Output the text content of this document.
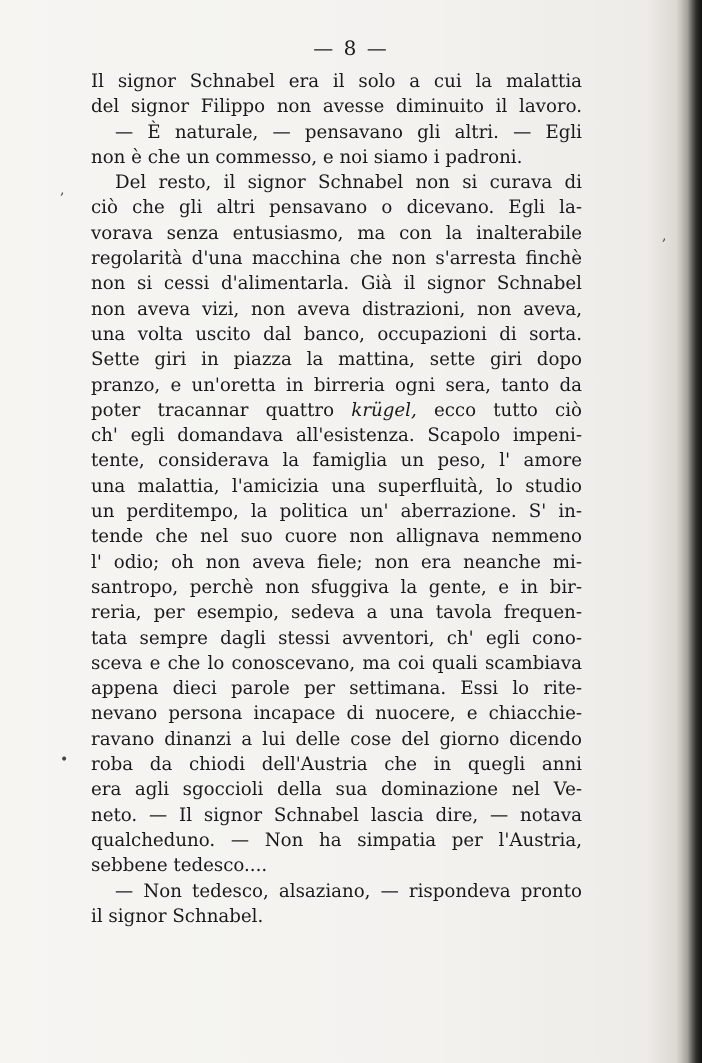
— 8 —
,
•
,
Il signor Schnabel era il solo a cui la malattia
del signor Filippo non avesse diminuito il lavoro.
— È naturale, — pensavano gli altri. — Egli
non è che un commesso, e noi siamo i padroni.
Del resto, il signor Schnabel non si curava di
ciò che gli altri pensavano o dicevano. Egli la-
vorava senza entusiasmo, ma con la inalterabile
regolarità d'una macchina che non s'arresta finchè
non si cessi d'alimentarla. Già il signor Schnabel
non aveva vizi, non aveva distrazioni, non aveva,
una volta uscito dal banco, occupazioni di sorta.
Sette giri in piazza la mattina, sette giri dopo
pranzo, e un'oretta in birreria ogni sera, tanto da
poter tracannar quattro krügel, ecco tutto ciò
ch' egli domandava all'esistenza. Scapolo impeni-
tente, considerava la famiglia un peso, l' amore
una malattia, l'amicizia una superfluità, lo studio
un perditempo, la politica un' aberrazione. S' in-
tende che nel suo cuore non allignava nemmeno
l' odio; oh non aveva fiele; non era neanche mi-
santropo, perchè non sfuggiva la gente, e in bir-
reria, per esempio, sedeva a una tavola frequen-
tata sempre dagli stessi avventori, ch' egli cono-
sceva e che lo conoscevano, ma coi quali scambiava
appena dieci parole per settimana. Essi lo rite-
nevano persona incapace di nuocere, e chiacchie-
ravano dinanzi a lui delle cose del giorno dicendo
roba da chiodi dell'Austria che in quegli anni
era agli sgoccioli della sua dominazione nel Ve-
neto. — Il signor Schnabel lascia dire, — notava
qualcheduno. — Non ha simpatia per l'Austria,
sebbene tedesco....
— Non tedesco, alsaziano, — rispondeva pronto
il signor Schnabel.
